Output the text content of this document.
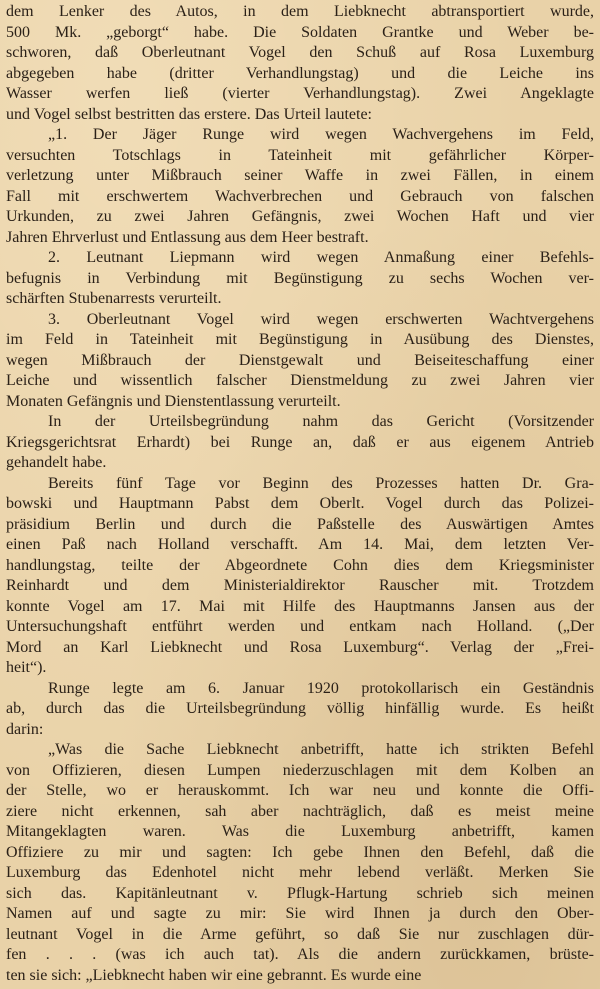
dem Lenker des Autos, in dem Liebknecht abtransportiert wurde,
500 Mk. „geborgt“ habe. Die Soldaten Grantke und Weber be-
schworen, daß Oberleutnant Vogel den Schuß auf Rosa Luxemburg
abgegeben habe (dritter Verhandlungstag) und die Leiche ins
Wasser werfen ließ (vierter Verhandlungstag). Zwei Angeklagte
und Vogel selbst bestritten das erstere. Das Urteil lautete:
„1. Der Jäger Runge wird wegen Wachvergehens im Feld,
versuchten Totschlags in Tateinheit mit gefährlicher Körper-
verletzung unter Mißbrauch seiner Waffe in zwei Fällen, in einem
Fall mit erschwertem Wachverbrechen und Gebrauch von falschen
Urkunden, zu zwei Jahren Gefängnis, zwei Wochen Haft und vier
Jahren Ehrverlust und Entlassung aus dem Heer bestraft.
2. Leutnant Liepmann wird wegen Anmaßung einer Befehls-
befugnis in Verbindung mit Begünstigung zu sechs Wochen ver-
schärften Stubenarrests verurteilt.
3. Oberleutnant Vogel wird wegen erschwerten Wachtvergehens
im Feld in Tateinheit mit Begünstigung in Ausübung des Dienstes,
wegen Mißbrauch der Dienstgewalt und Beiseiteschaffung einer
Leiche und wissentlich falscher Dienstmeldung zu zwei Jahren vier
Monaten Gefängnis und Dienstentlassung verurteilt.
In der Urteilsbegründung nahm das Gericht (Vorsitzender
Kriegsgerichtsrat Erhardt) bei Runge an, daß er aus eigenem Antrieb
gehandelt habe.
Bereits fünf Tage vor Beginn des Prozesses hatten Dr. Gra-
bowski und Hauptmann Pabst dem Oberlt. Vogel durch das Polizei-
präsidium Berlin und durch die Paßstelle des Auswärtigen Amtes
einen Paß nach Holland verschafft. Am 14. Mai, dem letzten Ver-
handlungstag, teilte der Abgeordnete Cohn dies dem Kriegsminister
Reinhardt und dem Ministerialdirektor Rauscher mit. Trotzdem
konnte Vogel am 17. Mai mit Hilfe des Hauptmanns Jansen aus der
Untersuchungshaft entführt werden und entkam nach Holland. („Der
Mord an Karl Liebknecht und Rosa Luxemburg“. Verlag der „Frei-
heit“).
Runge legte am 6. Januar 1920 protokollarisch ein Geständnis
ab, durch das die Urteilsbegründung völlig hinfällig wurde. Es heißt
darin:
„Was die Sache Liebknecht anbetrifft, hatte ich strikten Befehl
von Offizieren, diesen Lumpen niederzuschlagen mit dem Kolben an
der Stelle, wo er herauskommt. Ich war neu und konnte die Offi-
ziere nicht erkennen, sah aber nachträglich, daß es meist meine
Mitangeklagten waren. Was die Luxemburg anbetrifft, kamen
Offiziere zu mir und sagten: Ich gebe Ihnen den Befehl, daß die
Luxemburg das Edenhotel nicht mehr lebend verläßt. Merken Sie
sich das. Kapitänleutnant v. Pflugk-Hartung schrieb sich meinen
Namen auf und sagte zu mir: Sie wird Ihnen ja durch den Ober-
leutnant Vogel in die Arme geführt, so daß Sie nur zuschlagen dür-
fen . . . (was ich auch tat). Als die andern zurückkamen, brüste-
ten sie sich: „Liebknecht haben wir eine gebrannt. Es wurde eine
